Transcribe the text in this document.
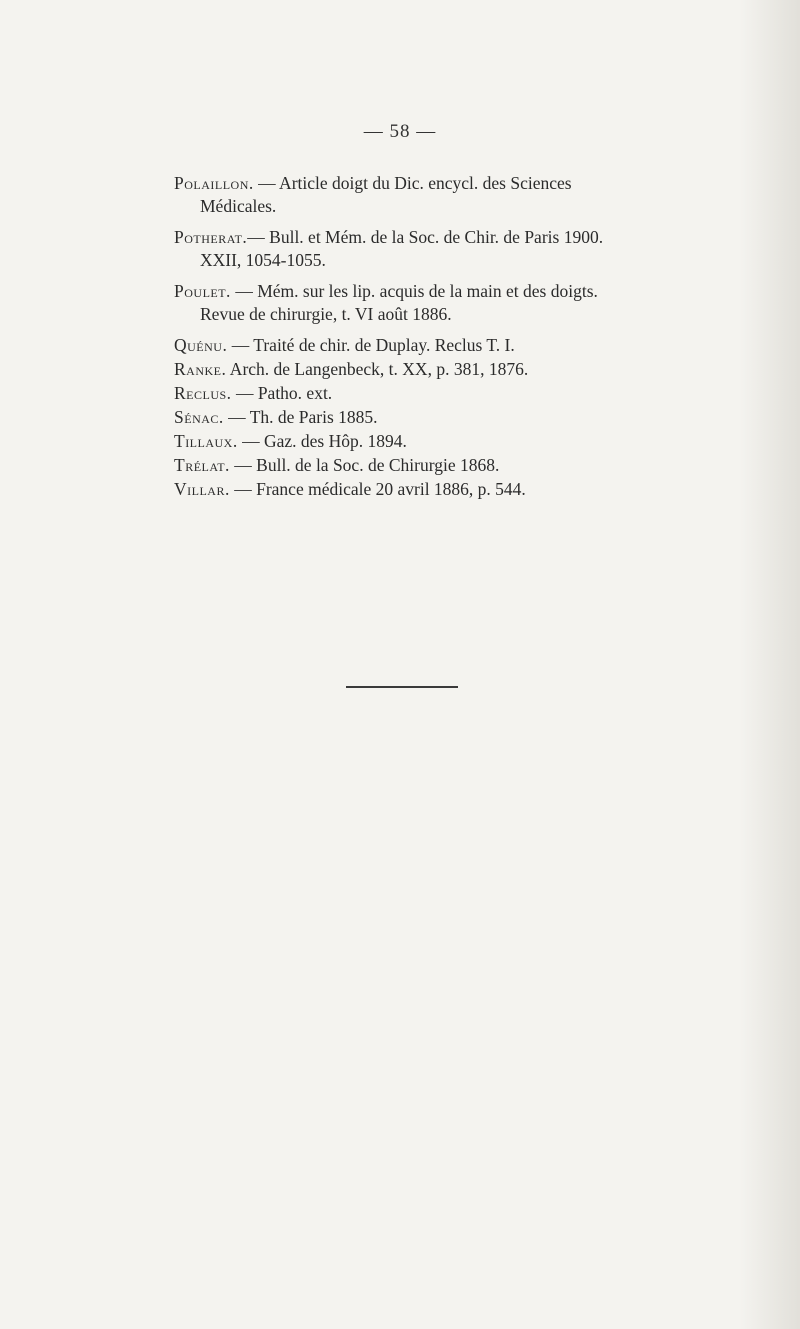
— 58 —
Polaillon. — Article doigt du Dic. encycl. des Sciences
Médicales.
Potherat.— Bull. et Mém. de la Soc. de Chir. de Paris 1900.
XXII, 1054-1055.
Poulet. — Mém. sur les lip. acquis de la main et des doigts.
Revue de chirurgie, t. VI août 1886.
Quénu. — Traité de chir. de Duplay. Reclus T. I.
Ranke. Arch. de Langenbeck, t. XX, p. 381, 1876.
Reclus. — Patho. ext.
Sénac. — Th. de Paris 1885.
Tillaux. — Gaz. des Hôp. 1894.
Trélat. — Bull. de la Soc. de Chirurgie 1868.
Villar. — France médicale 20 avril 1886, p. 544.
